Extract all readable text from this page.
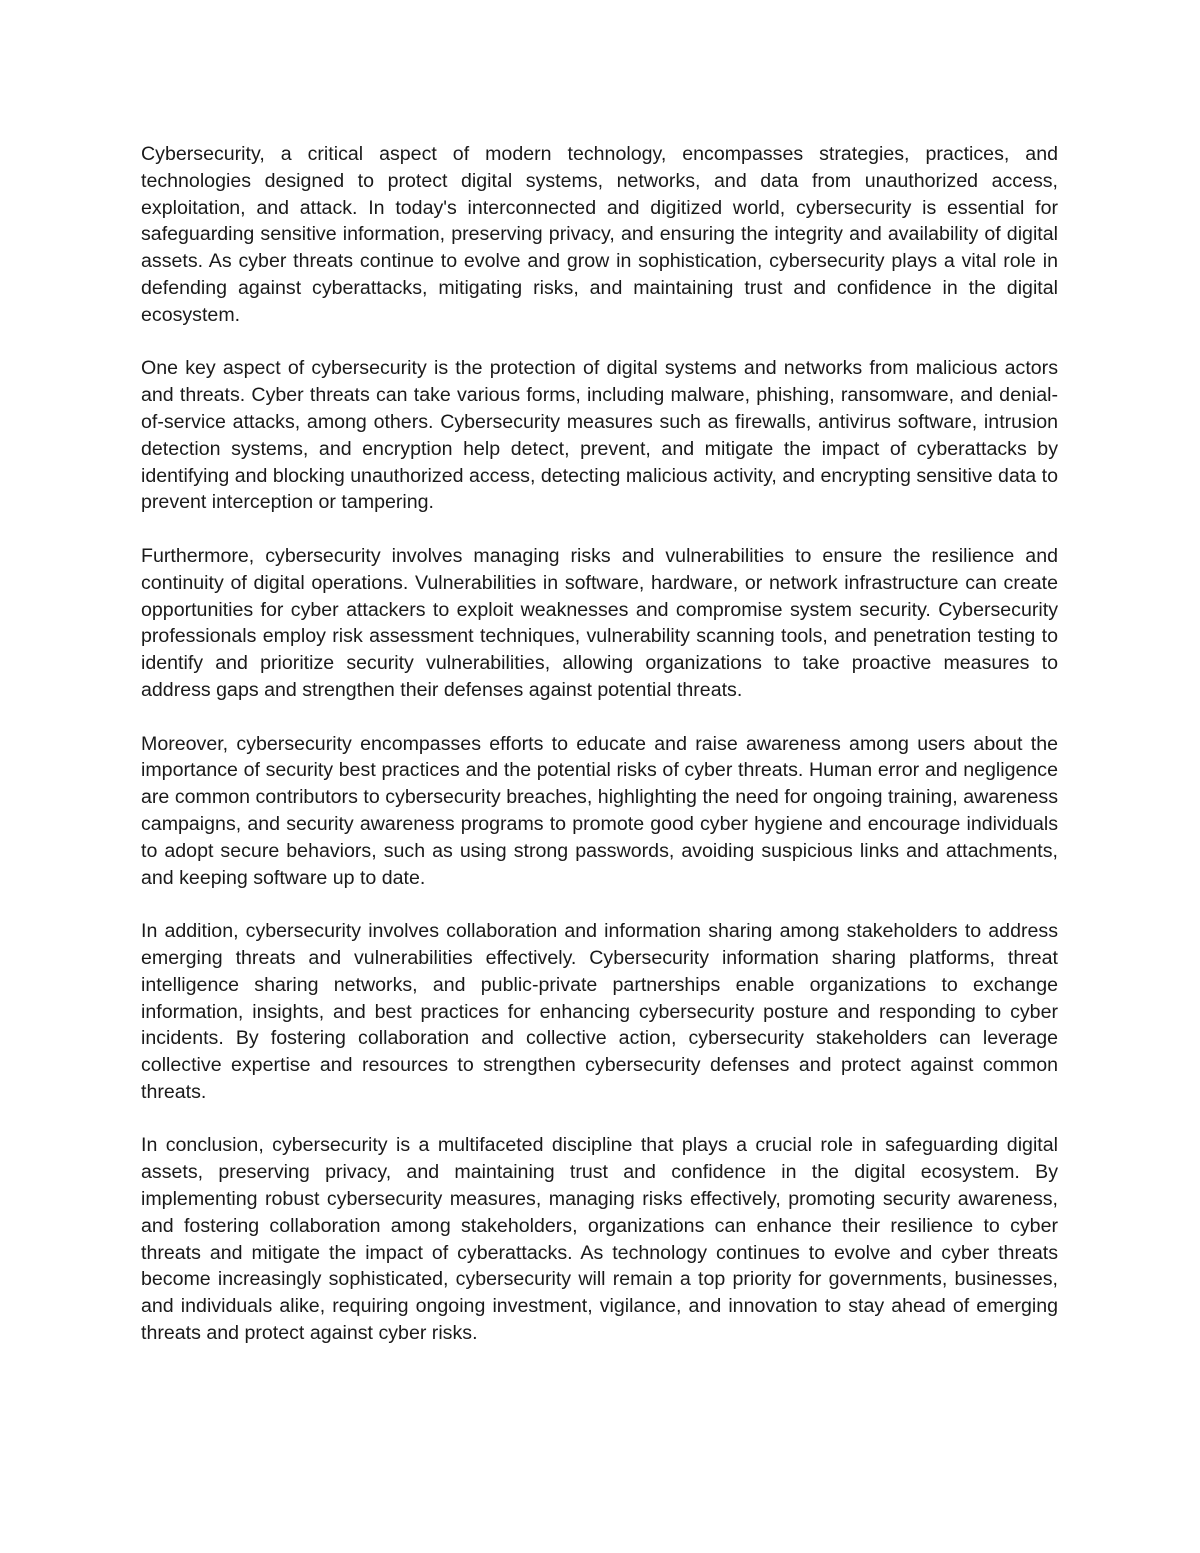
Cybersecurity, a critical aspect of modern technology, encompasses strategies, practices, and technologies designed to protect digital systems, networks, and data from unauthorized access, exploitation, and attack. In today's interconnected and digitized world, cybersecurity is essential for safeguarding sensitive information, preserving privacy, and ensuring the integrity and availability of digital assets. As cyber threats continue to evolve and grow in sophistication, cybersecurity plays a vital role in defending against cyberattacks, mitigating risks, and maintaining trust and confidence in the digital ecosystem.

One key aspect of cybersecurity is the protection of digital systems and networks from malicious actors and threats. Cyber threats can take various forms, including malware, phishing, ransomware, and denial-of-service attacks, among others. Cybersecurity measures such as firewalls, antivirus software, intrusion detection systems, and encryption help detect, prevent, and mitigate the impact of cyberattacks by identifying and blocking unauthorized access, detecting malicious activity, and encrypting sensitive data to prevent interception or tampering.

Furthermore, cybersecurity involves managing risks and vulnerabilities to ensure the resilience and continuity of digital operations. Vulnerabilities in software, hardware, or network infrastructure can create opportunities for cyber attackers to exploit weaknesses and compromise system security. Cybersecurity professionals employ risk assessment techniques, vulnerability scanning tools, and penetration testing to identify and prioritize security vulnerabilities, allowing organizations to take proactive measures to address gaps and strengthen their defenses against potential threats.

Moreover, cybersecurity encompasses efforts to educate and raise awareness among users about the importance of security best practices and the potential risks of cyber threats. Human error and negligence are common contributors to cybersecurity breaches, highlighting the need for ongoing training, awareness campaigns, and security awareness programs to promote good cyber hygiene and encourage individuals to adopt secure behaviors, such as using strong passwords, avoiding suspicious links and attachments, and keeping software up to date.

In addition, cybersecurity involves collaboration and information sharing among stakeholders to address emerging threats and vulnerabilities effectively. Cybersecurity information sharing platforms, threat intelligence sharing networks, and public-private partnerships enable organizations to exchange information, insights, and best practices for enhancing cybersecurity posture and responding to cyber incidents. By fostering collaboration and collective action, cybersecurity stakeholders can leverage collective expertise and resources to strengthen cybersecurity defenses and protect against common threats.

In conclusion, cybersecurity is a multifaceted discipline that plays a crucial role in safeguarding digital assets, preserving privacy, and maintaining trust and confidence in the digital ecosystem. By implementing robust cybersecurity measures, managing risks effectively, promoting security awareness, and fostering collaboration among stakeholders, organizations can enhance their resilience to cyber threats and mitigate the impact of cyberattacks. As technology continues to evolve and cyber threats become increasingly sophisticated, cybersecurity will remain a top priority for governments, businesses, and individuals alike, requiring ongoing investment, vigilance, and innovation to stay ahead of emerging threats and protect against cyber risks.
